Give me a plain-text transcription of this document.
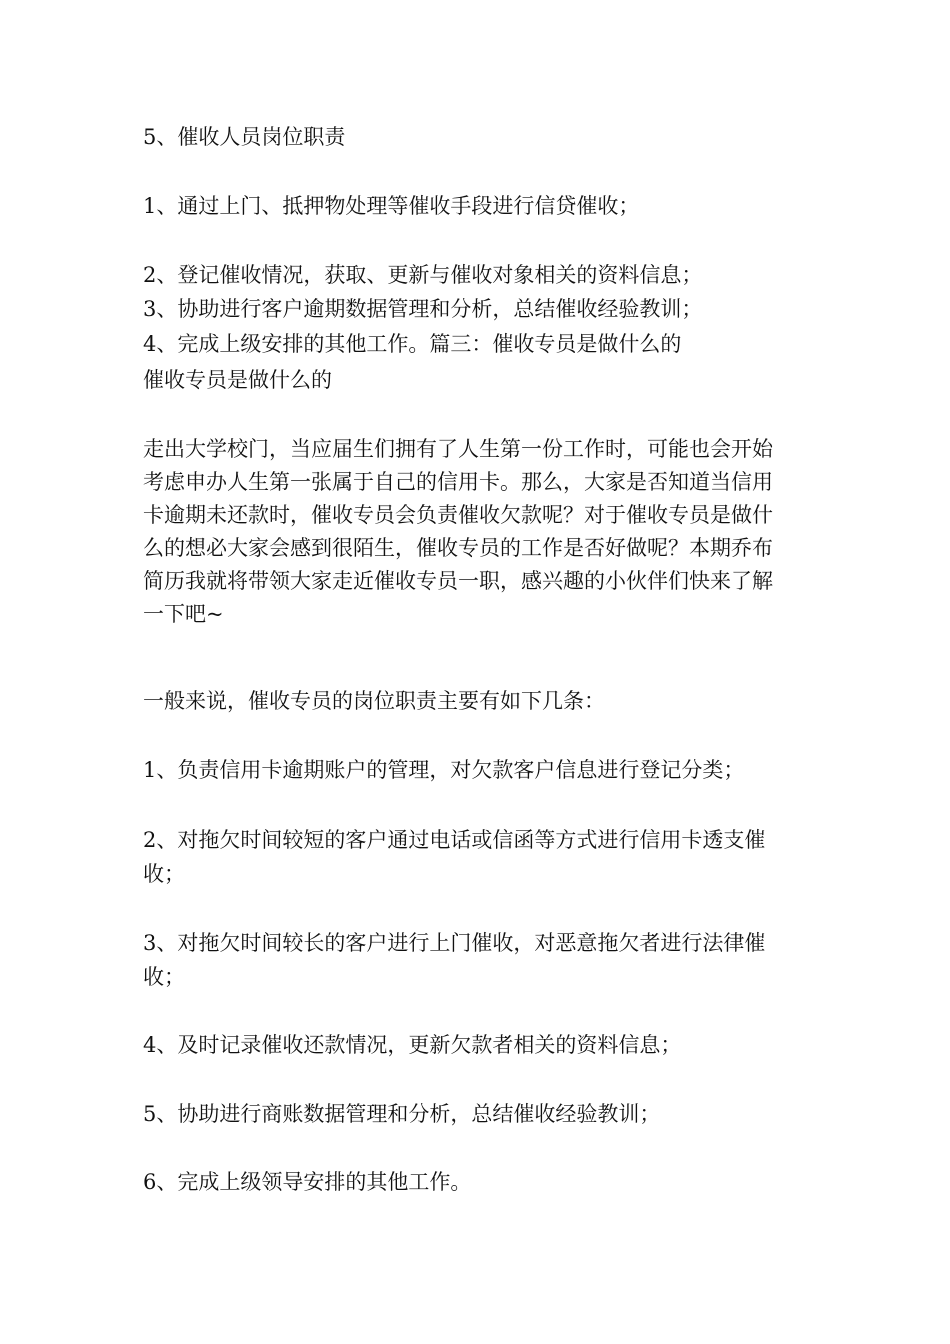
5、催收人员岗位职责
1、通过上门、抵押物处理等催收手段进行信贷催收；
2、登记催收情况，获取、更新与催收对象相关的资料信息；
3、协助进行客户逾期数据管理和分析，总结催收经验教训；
4、完成上级安排的其他工作。篇三：催收专员是做什么的
催收专员是做什么的
走出大学校门，当应届生们拥有了人生第一份工作时，可能也会开始
考虑申办人生第一张属于自己的信用卡。那么，大家是否知道当信用
卡逾期未还款时，催收专员会负责催收欠款呢？对于催收专员是做什
么的想必大家会感到很陌生，催收专员的工作是否好做呢？本期乔布
简历我就将带领大家走近催收专员一职，感兴趣的小伙伴们快来了解
一下吧~
一般来说，催收专员的岗位职责主要有如下几条：
1、负责信用卡逾期账户的管理，对欠款客户信息进行登记分类；
2、对拖欠时间较短的客户通过电话或信函等方式进行信用卡透支催
收；
3、对拖欠时间较长的客户进行上门催收，对恶意拖欠者进行法律催
收；
4、及时记录催收还款情况，更新欠款者相关的资料信息；
5、协助进行商账数据管理和分析，总结催收经验教训；
6、完成上级领导安排的其他工作。
